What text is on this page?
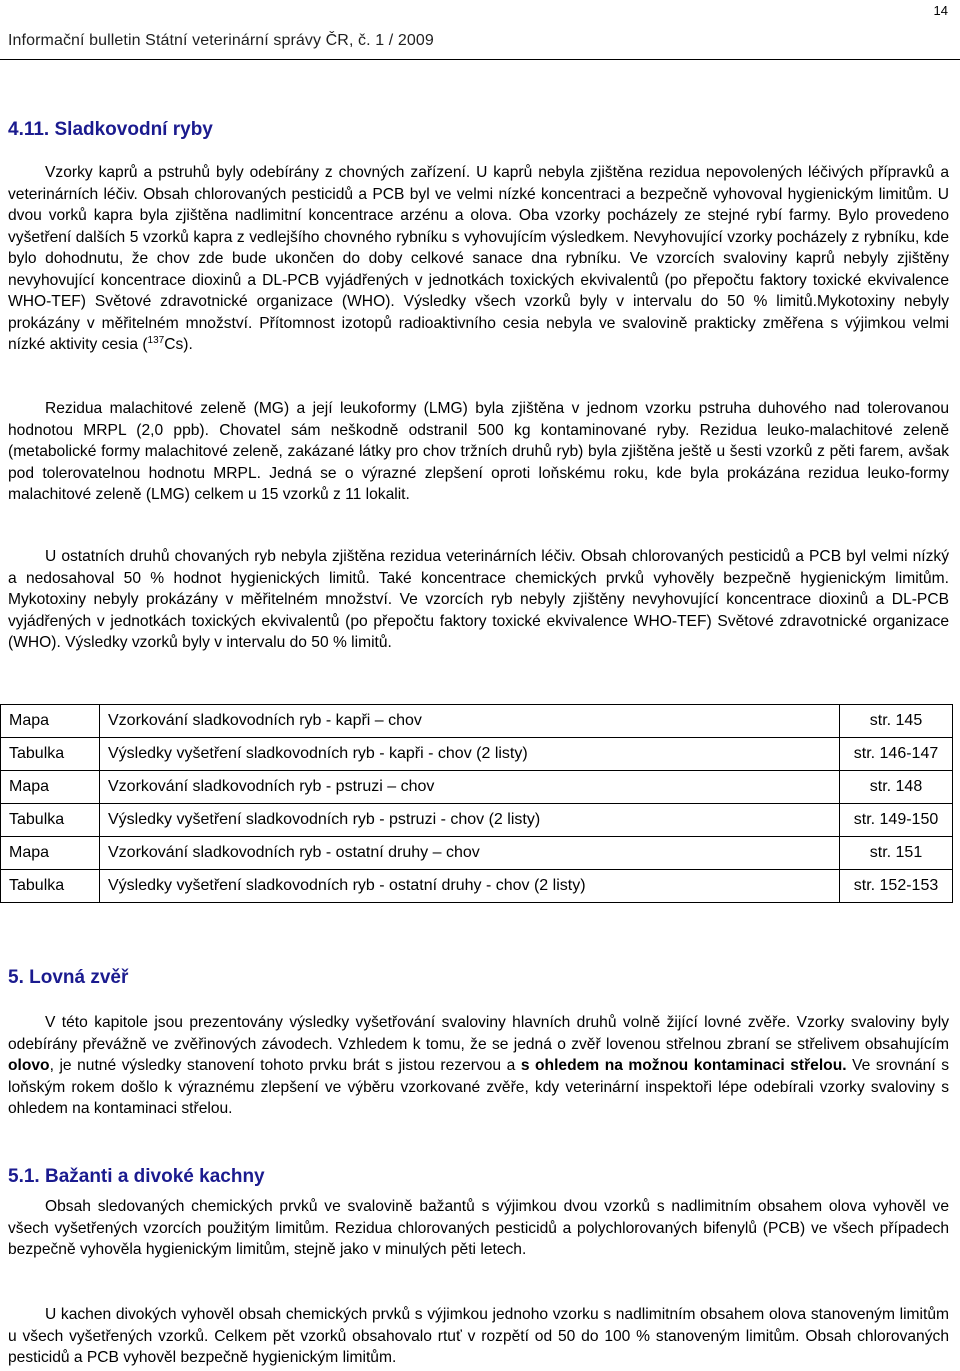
14
Informační bulletin Státní veterinární správy ČR, č. 1 / 2009
4.11. Sladkovodní ryby

Vzorky kaprů a pstruhů byly odebírány z chovných zařízení. U kaprů nebyla zjištěna rezidua nepovolených léčivých přípravků a veterinárních léčiv. Obsah chlorovaných pesticidů a PCB byl ve velmi nízké koncentraci a bezpečně vyhovoval hygienickým limitům. U dvou vorků kapra byla zjištěna nadlimitní koncentrace arzénu a olova. Oba vzorky pocházely ze stejné rybí farmy. Bylo provedeno vyšetření dalších 5 vzorků kapra z vedlejšího chovného rybníku s vyhovujícím výsledkem. Nevyhovující vzorky pocházely z rybníku, kde bylo dohodnutu, že chov zde bude ukončen do doby celkové sanace dna rybníku. Ve vzorcích svaloviny kaprů nebyly zjištěny nevyhovující koncentrace dioxinů a DL-PCB vyjádřených v jednotkách toxických ekvivalentů (po přepočtu faktory toxické ekvivalence WHO-TEF) Světové zdravotnické organizace (WHO). Výsledky všech vzorků byly v intervalu do 50 % limitů.Mykotoxiny nebyly prokázány v měřitelném množství. Přítomnost izotopů radioaktivního cesia nebyla ve svalovině prakticky změřena s výjimkou velmi nízké aktivity cesia ($^{137}$Cs).

Rezidua malachitové zeleně (MG) a její leukoformy (LMG) byla zjištěna v jednom vzorku pstruha duhového nad tolerovanou hodnotou MRPL (2,0 ppb). Chovatel sám neškodně odstranil 500 kg kontaminované ryby. Rezidua leuko-malachitové zeleně (metabolické formy malachitové zeleně, zakázané látky pro chov tržních druhů ryb) byla zjištěna ještě u šesti vzorků z pěti farem, avšak pod tolerovatelnou hodnotu MRPL. Jedná se o výrazné zlepšení oproti loňskému roku, kde byla prokázána rezidua leuko-formy malachitové zeleně (LMG) celkem u 15 vzorků z 11 lokalit.

U ostatních druhů chovaných ryb nebyla zjištěna rezidua veterinárních léčiv. Obsah chlorovaných pesticidů a PCB byl velmi nízký a nedosahoval 50 % hodnot hygienických limitů. Také koncentrace chemických prvků vyhověly bezpečně hygienickým limitům. Mykotoxiny nebyly prokázány v měřitelném množství. Ve vzorcích ryb nebyly zjištěny nevyhovující koncentrace dioxinů a DL-PCB vyjádřených v jednotkách toxických ekvivalentů (po přepočtu faktory toxické ekvivalence WHO-TEF) Světové zdravotnické organizace (WHO). Výsledky vzorků byly v intervalu do 50 % limitů.

Mapa	Vzorkování sladkovodních ryb - kapři – chov	str. 145
Tabulka	Výsledky vyšetření sladkovodních ryb - kapři - chov (2 listy)	str. 146-147
Mapa	Vzorkování sladkovodních ryb - pstruzi – chov	str. 148
Tabulka	Výsledky vyšetření sladkovodních ryb - pstruzi - chov (2 listy)	str. 149-150
Mapa	Vzorkování sladkovodních ryb - ostatní druhy – chov	str. 151
Tabulka	Výsledky vyšetření sladkovodních ryb - ostatní druhy - chov (2 listy)	str. 152-153
5. Lovná zvěř

V této kapitole jsou prezentovány výsledky vyšetřování svaloviny hlavních druhů volně žijící lovné zvěře. Vzorky svaloviny byly odebírány převážně ve zvěřinových závodech. Vzhledem k tomu, že se jedná o zvěř lovenou střelnou zbraní se střelivem obsahujícím olovo, je nutné výsledky stanovení tohoto prvku brát s jistou rezervou a s ohledem na možnou kontaminaci střelou. Ve srovnání s loňským rokem došlo k výraznému zlepšení ve výběru vzorkované zvěře, kdy veterinární inspektoři lépe odebírali vzorky svaloviny s ohledem na kontaminaci střelou.

5.1. Bažanti a divoké kachny

Obsah sledovaných chemických prvků ve svalovině bažantů s výjimkou dvou vzorků s nadlimitním obsahem olova vyhověl ve všech vyšetřených vzorcích použitým limitům. Rezidua chlorovaných pesticidů a polychlorovaných bifenylů (PCB) ve všech případech bezpečně vyhověla hygienickým limitům, stejně jako v minulých pěti letech.

U kachen divokých vyhověl obsah chemických prvků s výjimkou jednoho vzorku s nadlimitním obsahem olova stanoveným limitům u všech vyšetřených vzorků. Celkem pět vzorků obsahovalo rtuť v rozpětí od 50 do 100 % stanoveným limitům. Obsah chlorovaných pesticidů a PCB vyhověl bezpečně hygienickým limitům.
